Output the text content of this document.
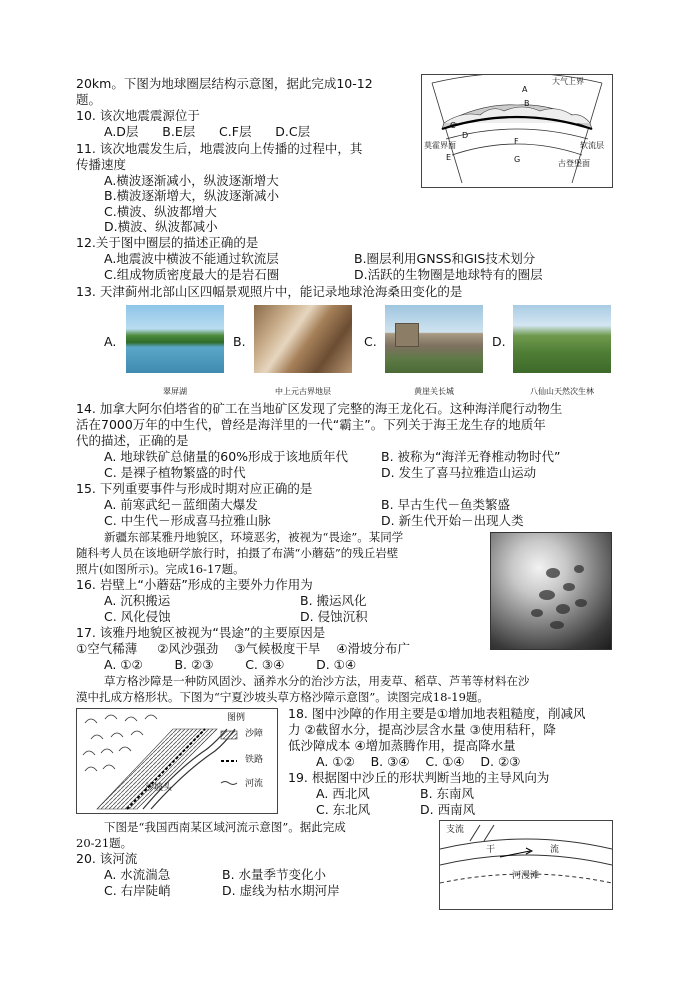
20km。下图为地球圈层结构示意图，据此完成10-12
题。
10. 该次地震震源位于
A.D层      B.E层      C.F层      D.C层
11. 该次地震发生后，地震波向上传播的过程中，其
传播速度
A.横波逐渐减小，纵波逐渐增大
B.横波逐渐增大，纵波逐渐减小
C.横波、纵波都增大
D.横波、纵波都减小
大气上界
A
B
C
D
E
F
G
莫霍界面	软流层
古登堡面
12.关于图中圈层的描述正确的是
A.地震波中横波不能通过软流层	B.圈层利用GNSS和GIS技术划分
C.组成物质密度最大的是岩石圈	D.活跃的生物圈是地球特有的圈层
13. 天津蓟州北部山区四幅景观照片中，能记录地球沧海桑田变化的是
A.
翠屏湖
B.
中上元古界地层
C.
黄崖关长城
D.
八仙山天然次生林
14. 加拿大阿尔伯塔省的矿工在当地矿区发现了完整的海王龙化石。这种海洋爬行动物生
活在7000万年的中生代，曾经是海洋里的一代“霸主”。下列关于海王龙生存的地质年
代的描述，正确的是
A. 地球铁矿总储量的60%形成于该地质年代	B. 被称为“海洋无脊椎动物时代”
C. 是裸子植物繁盛的时代	D. 发生了喜马拉雅造山运动
15. 下列重要事件与形成时期对应正确的是
A. 前寒武纪－蓝细菌大爆发	B. 早古生代－鱼类繁盛
C. 中生代－形成喜马拉雅山脉	D. 新生代开始－出现人类
新疆东部某雅丹地貌区，环境恶劣，被视为“畏途”。某同学
随科考人员在该地研学旅行时，拍摄了布满“小蘑菇”的残丘岩壁
照片(如图所示)。完成16-17题。
16. 岩壁上“小蘑菇”形成的主要外力作用为
A. 沉积搬运	B. 搬运风化
C. 风化侵蚀	D. 侵蚀沉积
17. 该雅丹地貌区被视为“畏途”的主要原因是
①空气稀薄     ②风沙强劲    ③气候极度干旱    ④滑坡分布广
A. ①②        B. ②③        C. ③④        D. ①④
草方格沙障是一种防风固沙、涵养水分的治沙方法，用麦草、稻草、芦苇等材料在沙
漠中扎成方格形状。下图为“宁夏沙坡头草方格沙障示意图”。读图完成18-19题。
图例
沙障
铁路
河流
沙坡头
18. 图中沙障的作用主要是①增加地表粗糙度，削减风
力 ②截留水分，提高沙层含水量 ③使用秸秆，降
低沙障成本 ④增加蒸腾作用，提高降水量
A. ①②    B. ③④    C. ①④    D. ②③
19. 根据图中沙丘的形状判断当地的主导风向为
A. 西北风	B. 东南风
C. 东北风	D. 西南风
下图是“我国西南某区域河流示意图”。据此完成
20-21题。
支流
干	流
河漫滩
20. 该河流
A. 水流湍急	B. 水量季节变化小
C. 右岸陡峭	D. 虚线为枯水期河岸
